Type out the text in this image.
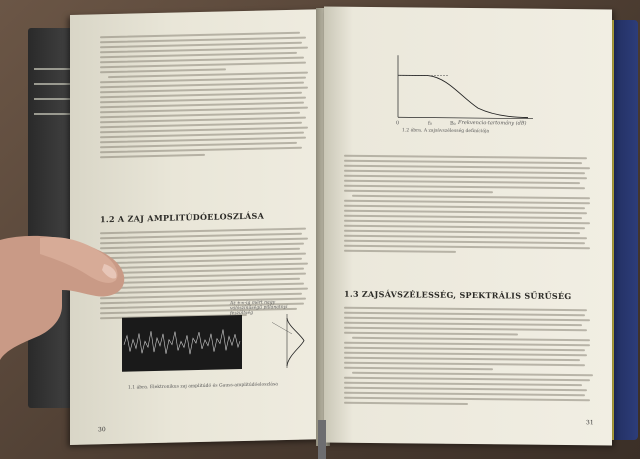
1.2 A ZAJ AMPLITÚDÓELOSZLÁSA
Az ±∞-ig mért nagy valószínűségű pillanatnyi feszültség
1.1 ábra. Elektronikus zaj amplitúdó és Gauss-amplitúdóeloszlása
30
0	f₀	B₀ Frekvencia-tartomány (dB)
1.2 ábra. A zajsávszélesség definíciója
1.3 ZAJSÁVSZÉLESSÉG, SPEKTRÁLIS SŰRŰSÉG
31
